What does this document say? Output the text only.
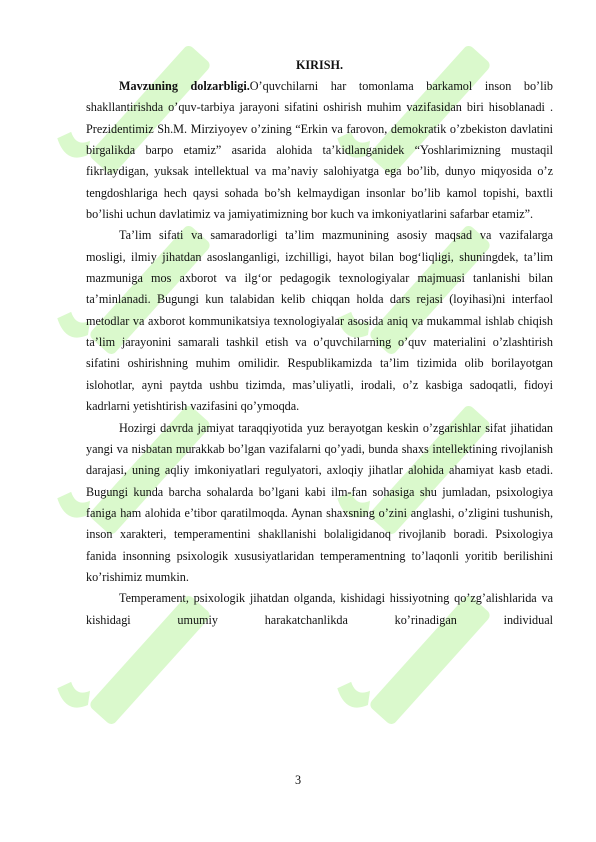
KIRISH.

Mavzuning dolzarbligi.O’quvchilarni har tomonlama barkamol inson bo’lib shakllantirishda o’quv-tarbiya jarayoni sifatini oshirish muhim vazifasidan biri hisoblanadi . Prezidentimiz Sh.M. Mirziyoyev o’zining “Erkin va farovon, demokratik o’zbekiston davlatini birgalikda barpo etamiz” asarida alohida ta’kidlanganidek “Yoshlarimizning mustaqil fikrlaydigan, yuksak intellektual va ma’naviy salohiyatga ega bo’lib, dunyo miqyosida o’z tengdoshlariga hech qaysi sohada bo’sh kelmaydigan insonlar bo’lib kamol topishi, baxtli bo’lishi uchun davlatimiz va jamiyatimizning bor kuch va imkoniyatlarini safarbar etamiz”.

Ta’lim sifati va samaradorligi ta’lim mazmunining asosiy maqsad va vazifalarga mosligi, ilmiy jihatdan asoslanganligi, izchilligi, hayot bilan bog‘liqligi, shuningdek, ta’lim mazmuniga mos axborot va ilg‘or pedagogik texnologiyalar majmuasi tanlanishi bilan ta’minlanadi. Bugungi kun talabidan kelib chiqqan holda dars rejasi (loyihasi)ni interfaol metodlar va axborot kommunikatsiya texnologiyalar asosida aniq va mukammal ishlab chiqish ta’lim jarayonini samarali tashkil etish va o’quvchilarning o’quv materialini o’zlashtirish sifatini oshirishning muhim omilidir. Respublikamizda ta’lim tizimida olib borilayotgan islohotlar, ayni paytda ushbu tizimda, mas’uliyatli, irodali, o’z kasbiga sadoqatli, fidoyi kadrlarni yetishtirish vazifasini qo’ymoqda.

Hozirgi davrda jamiyat taraqqiyotida yuz berayotgan keskin o’zgarishlar sifat jihatidan yangi va nisbatan murakkab bo’lgan vazifalarni qo’yadi, bunda shaxs intellektining rivojlanish darajasi, uning aqliy imkoniyatlari regulyatori, axloqiy jihatlar alohida ahamiyat kasb etadi. Bugungi kunda barcha sohalarda bo’lgani kabi ilm-fan sohasiga shu jumladan, psixologiya faniga ham alohida e’tibor qaratilmoqda. Aynan shaxsning o’zini anglashi, o’zligini tushunish, inson xarakteri, temperamentini shakllanishi bolaligidanoq rivojlanib boradi. Psixologiya fanida insonning psixologik xususiyatlaridan temperamentning to’laqonli yoritib berilishini ko’rishimiz mumkin.

Temperament, psixologik jihatdan olganda, kishidagi hissiyotning qo’zg’alishlarida va kishidagi umumiy harakatchanlikda ko’rinadigan individual

3
